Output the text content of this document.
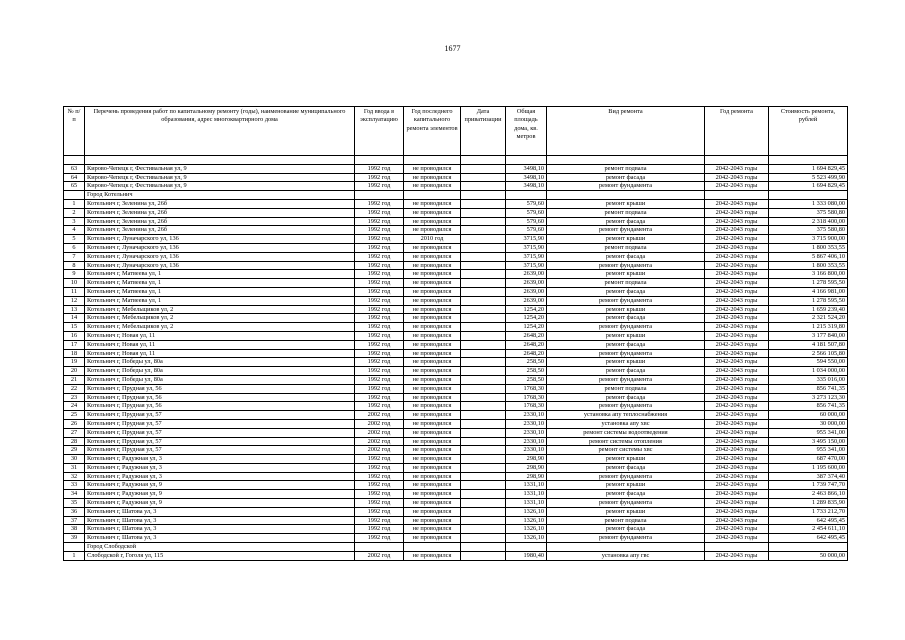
1677
№ п/п	Перечень проведения работ по капитальному ремонту (годы), наименование муниципального образования, адрес многоквартирного дома	Год ввода в эксплуатацию	Год последнего капитального ремонта элементов	Дата приватизации	Общая площадь дома, кв. метров	Вид ремонта	Год ремонта	Стоимость ремонта, рублей

63	Кирово-Чепецк г, Фестивальная ул, 9	1992 год	не проводился		3498,10	ремонт подвала	2042-2043 годы	1 694 829,45
64	Кирово-Чепецк г, Фестивальная ул, 9	1992 год	не проводился		3498,10	ремонт фасада	2042-2043 годы	5 523 499,90
65	Кирово-Чепецк г, Фестивальная ул, 9	1992 год	не проводился		3498,10	ремонт фундамента	2042-2043 годы	1 694 829,45
	Город Котельнич							
1	Котельнич г, Зеленина ул, 26б	1992 год	не проводился		579,60	ремонт крыши	2042-2043 годы	1 333 080,00
2	Котельнич г, Зеленина ул, 26б	1992 год	не проводился		579,60	ремонт подвала	2042-2043 годы	375 580,80
3	Котельнич г, Зеленина ул, 26б	1992 год	не проводился		579,60	ремонт фасада	2042-2043 годы	2 318 400,00
4	Котельнич г, Зеленина ул, 26б	1992 год	не проводился		579,60	ремонт фундамента	2042-2043 годы	375 580,80
5	Котельнич г, Луначарского ул, 136	1992 год	2010 год		3715,90	ремонт крыши	2042-2043 годы	3 715 900,00
6	Котельнич г, Луначарского ул, 136	1992 год	не проводился		3715,90	ремонт подвала	2042-2043 годы	1 800 353,55
7	Котельнич г, Луначарского ул, 136	1992 год	не проводился		3715,90	ремонт фасада	2042-2043 годы	5 867 406,10
8	Котельнич г, Луначарского ул, 136	1992 год	не проводился		3715,90	ремонт фундамента	2042-2043 годы	1 800 353,55
9	Котельнич г, Матвеева ул, 1	1992 год	не проводился		2639,00	ремонт крыши	2042-2043 годы	3 166 800,00
10	Котельнич г, Матвеева ул, 1	1992 год	не проводился		2639,00	ремонт подвала	2042-2043 годы	1 278 595,50
11	Котельнич г, Матвеева ул, 1	1992 год	не проводился		2639,00	ремонт фасада	2042-2043 годы	4 166 981,00
12	Котельнич г, Матвеева ул, 1	1992 год	не проводился		2639,00	ремонт фундамента	2042-2043 годы	1 278 595,50
13	Котельнич г, Мебельщиков ул, 2	1992 год	не проводился		1254,20	ремонт крыши	2042-2043 годы	1 659 239,40
14	Котельнич г, Мебельщиков ул, 2	1992 год	не проводился		1254,20	ремонт фасада	2042-2043 годы	2 321 524,20
15	Котельнич г, Мебельщиков ул, 2	1992 год	не проводился		1254,20	ремонт фундамента	2042-2043 годы	1 215 319,80
16	Котельнич г, Новая ул, 11	1992 год	не проводился		2648,20	ремонт крыши	2042-2043 годы	3 177 840,00
17	Котельнич г, Новая ул, 11	1992 год	не проводился		2648,20	ремонт фасада	2042-2043 годы	4 181 507,80
18	Котельнич г, Новая ул, 11	1992 год	не проводился		2648,20	ремонт фундамента	2042-2043 годы	2 566 105,80
19	Котельнич г, Победы ул, 80а	1992 год	не проводился		258,50	ремонт крыши	2042-2043 годы	594 550,00
20	Котельнич г, Победы ул, 80а	1992 год	не проводился		258,50	ремонт фасада	2042-2043 годы	1 034 000,00
21	Котельнич г, Победы ул, 80а	1992 год	не проводился		258,50	ремонт фундамента	2042-2043 годы	335 016,00
22	Котельнич г, Прудная ул, 56	1992 год	не проводился		1768,30	ремонт подвала	2042-2043 годы	856 741,35
23	Котельнич г, Прудная ул, 56	1992 год	не проводился		1768,30	ремонт фасада	2042-2043 годы	3 273 123,30
24	Котельнич г, Прудная ул, 56	1992 год	не проводился		1768,30	ремонт фундамента	2042-2043 годы	856 741,35
25	Котельнич г, Прудная ул, 57	2002 год	не проводился		2330,10	установка апу теплоснабжения	2042-2043 годы	60 000,00
26	Котельнич г, Прудная ул, 57	2002 год	не проводился		2330,10	установка апу хвс	2042-2043 годы	30 000,00
27	Котельнич г, Прудная ул, 57	2002 год	не проводился		2330,10	ремонт системы водоотведения	2042-2043 годы	955 341,00
28	Котельнич г, Прудная ул, 57	2002 год	не проводился		2330,10	ремонт системы отопления	2042-2043 годы	3 495 150,00
29	Котельнич г, Прудная ул, 57	2002 год	не проводился		2330,10	ремонт системы хвс	2042-2043 годы	955 341,00
30	Котельнич г, Радужная ул, 3	1992 год	не проводился		298,90	ремонт крыши	2042-2043 годы	687 470,00
31	Котельнич г, Радужная ул, 3	1992 год	не проводился		298,90	ремонт фасада	2042-2043 годы	1 195 600,00
32	Котельнич г, Радужная ул, 3	1992 год	не проводился		298,90	ремонт фундамента	2042-2043 годы	387 374,40
33	Котельнич г, Радужная ул, 9	1992 год	не проводился		1331,10	ремонт крыши	2042-2043 годы	1 739 747,70
34	Котельнич г, Радужная ул, 9	1992 год	не проводился		1331,10	ремонт фасада	2042-2043 годы	2 463 866,10
35	Котельнич г, Радужная ул, 9	1992 год	не проводился		1331,10	ремонт фундамента	2042-2043 годы	1 289 835,90
36	Котельнич г, Шатова ул, 3	1992 год	не проводился		1326,10	ремонт крыши	2042-2043 годы	1 733 212,70
37	Котельнич г, Шатова ул, 3	1992 год	не проводился		1326,10	ремонт подвала	2042-2043 годы	642 495,45
38	Котельнич г, Шатова ул, 3	1992 год	не проводился		1326,10	ремонт фасада	2042-2043 годы	2 454 611,10
39	Котельнич г, Шатова ул, 3	1992 год	не проводился		1326,10	ремонт фундамента	2042-2043 годы	642 495,45
	Город Слободской							
1	Слободской г, Гоголя ул, 115	2002 год	не проводился		1980,40	установка апу гвс	2042-2043 годы	50 000,00
